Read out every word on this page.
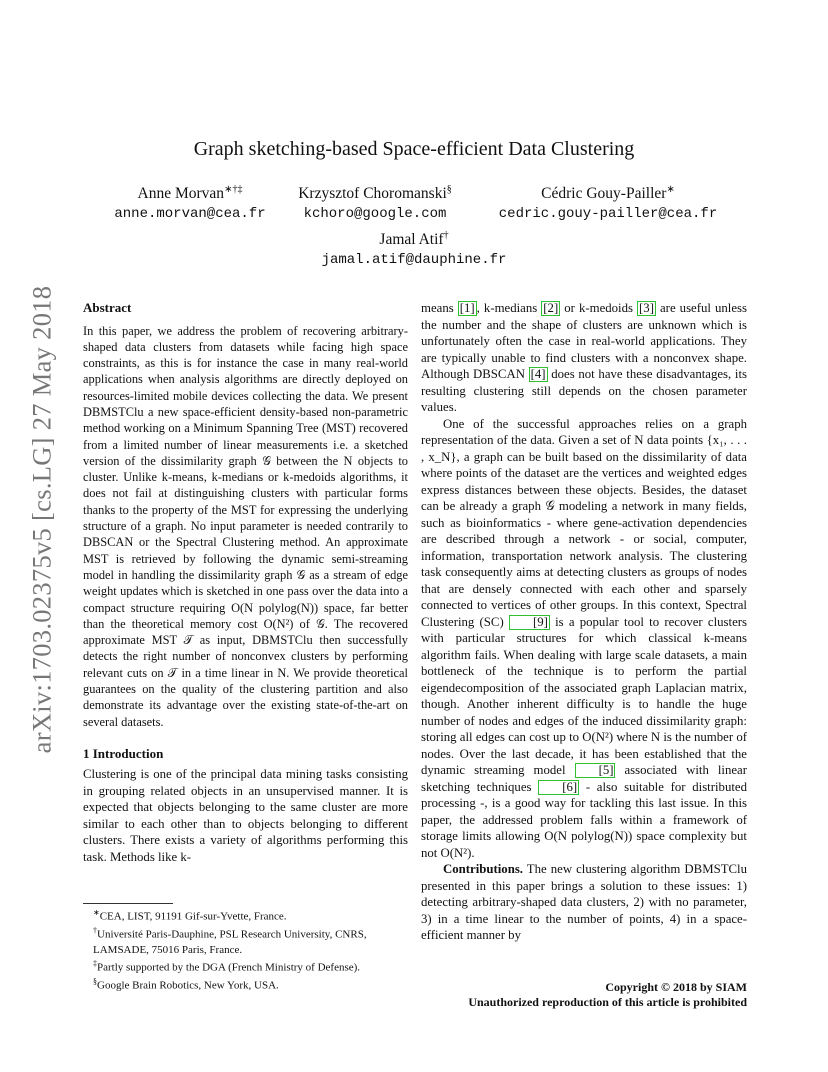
arXiv:1703.02375v5 [cs.LG] 27 May 2018
Graph sketching-based Space-efficient Data Clustering
Anne Morvan∗†‡
anne.morvan@cea.fr
Krzysztof Choromanski§
kchoro@google.com
Cédric Gouy-Pailler∗
cedric.gouy-pailler@cea.fr
Jamal Atif†
jamal.atif@dauphine.fr

Abstract

In this paper, we address the problem of recovering arbitrary-shaped data clusters from datasets while facing high space constraints, as this is for instance the case in many real-world applications when analysis algorithms are directly deployed on resources-limited mobile devices collecting the data. We present DBMSTClu a new space-efficient density-based non-parametric method working on a Minimum Spanning Tree (MST) recovered from a limited number of linear measurements i.e. a sketched version of the dissimilarity graph 𝒢 between the N objects to cluster. Unlike k-means, k-medians or k-medoids algorithms, it does not fail at distinguishing clusters with particular forms thanks to the property of the MST for expressing the underlying structure of a graph. No input parameter is needed contrarily to DBSCAN or the Spectral Clustering method. An approximate MST is retrieved by following the dynamic semi-streaming model in handling the dissimilarity graph 𝒢 as a stream of edge weight updates which is sketched in one pass over the data into a compact structure requiring O(N polylog(N)) space, far better than the theoretical memory cost O(N²) of 𝒢. The recovered approximate MST 𝒯 as input, DBMSTClu then successfully detects the right number of nonconvex clusters by performing relevant cuts on 𝒯 in a time linear in N. We provide theoretical guarantees on the quality of the clustering partition and also demonstrate its advantage over the existing state-of-the-art on several datasets.

1 Introduction

Clustering is one of the principal data mining tasks consisting in grouping related objects in an unsupervised manner. It is expected that objects belonging to the same cluster are more similar to each other than to objects belonging to different clusters. There exists a variety of algorithms performing this task. Methods like k-

means [1] , k-medians [2] or k-medoids [3] are useful unless the number and the shape of clusters are unknown which is unfortunately often the case in real-world applications. They are typically unable to find clusters with a nonconvex shape. Although DBSCAN [4] does not have these disadvantages, its resulting clustering still depends on the chosen parameter values.

One of the successful approaches relies on a graph representation of the data. Given a set of N data points {x₁, . . . , x_N}, a graph can be built based on the dissimilarity of data where points of the dataset are the vertices and weighted edges express distances between these objects. Besides, the dataset can be already a graph 𝒢 modeling a network in many fields, such as bioinformatics - where gene-activation dependencies are described through a network - or social, computer, information, transportation network analysis. The clustering task consequently aims at detecting clusters as groups of nodes that are densely connected with each other and sparsely connected to vertices of other groups. In this context, Spectral Clustering (SC) [9] is a popular tool to recover clusters with particular structures for which classical k-means algorithm fails. When dealing with large scale datasets, a main bottleneck of the technique is to perform the partial eigendecomposition of the associated graph Laplacian matrix, though. Another inherent difficulty is to handle the huge number of nodes and edges of the induced dissimilarity graph: storing all edges can cost up to O(N²) where N is the number of nodes. Over the last decade, it has been established that the dynamic streaming model [5] associated with linear sketching techniques [6] - also suitable for distributed processing -, is a good way for tackling this last issue. In this paper, the addressed problem falls within a framework of storage limits allowing O(N polylog(N)) space complexity but not O(N²).

Contributions. The new clustering algorithm DBMSTClu presented in this paper brings a solution to these issues: 1) detecting arbitrary-shaped data clusters, 2) with no parameter, 3) in a time linear to the number of points, 4) in a space-efficient manner by

∗CEA, LIST, 91191 Gif-sur-Yvette, France.

†Université Paris-Dauphine, PSL Research University, CNRS, LAMSADE, 75016 Paris, France.

‡Partly supported by the DGA (French Ministry of Defense).

§Google Brain Robotics, New York, USA.	Copyright © 2018 by SIAM
Unauthorized reproduction of this article is prohibited
